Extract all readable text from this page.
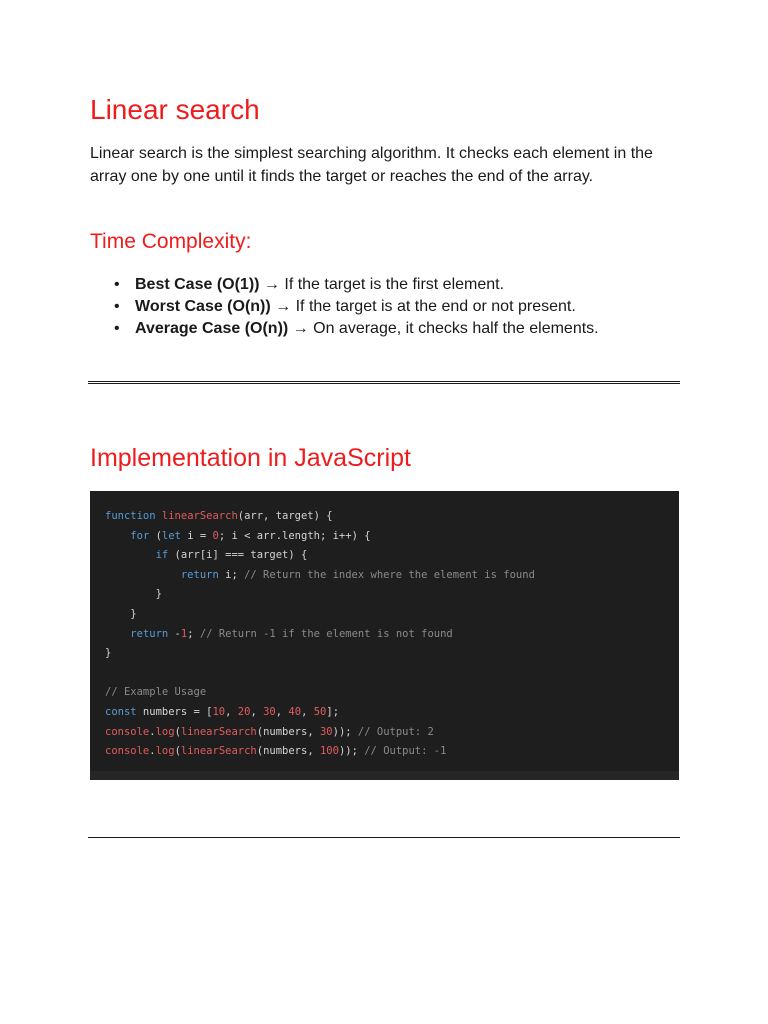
Linear search

Linear search is the simplest searching algorithm. It checks each element in the array one by one until it finds the target or reaches the end of the array.

Time Complexity:
• Best Case (O(1)) → If the target is the first element.
• Worst Case (O(n)) → If the target is at the end or not present.
• Average Case (O(n)) → On average, it checks half the elements.
Implementation in JavaScript
function linearSearch(arr, target) {
for (let i = 0; i < arr.length; i++) {
if (arr[i] === target) {
return i; // Return the index where the element is found
}
}
return -1; // Return -1 if the element is not found
}
// Example Usage
const numbers = [10, 20, 30, 40, 50];
console.log(linearSearch(numbers, 30)); // Output: 2
console.log(linearSearch(numbers, 100)); // Output: -1
